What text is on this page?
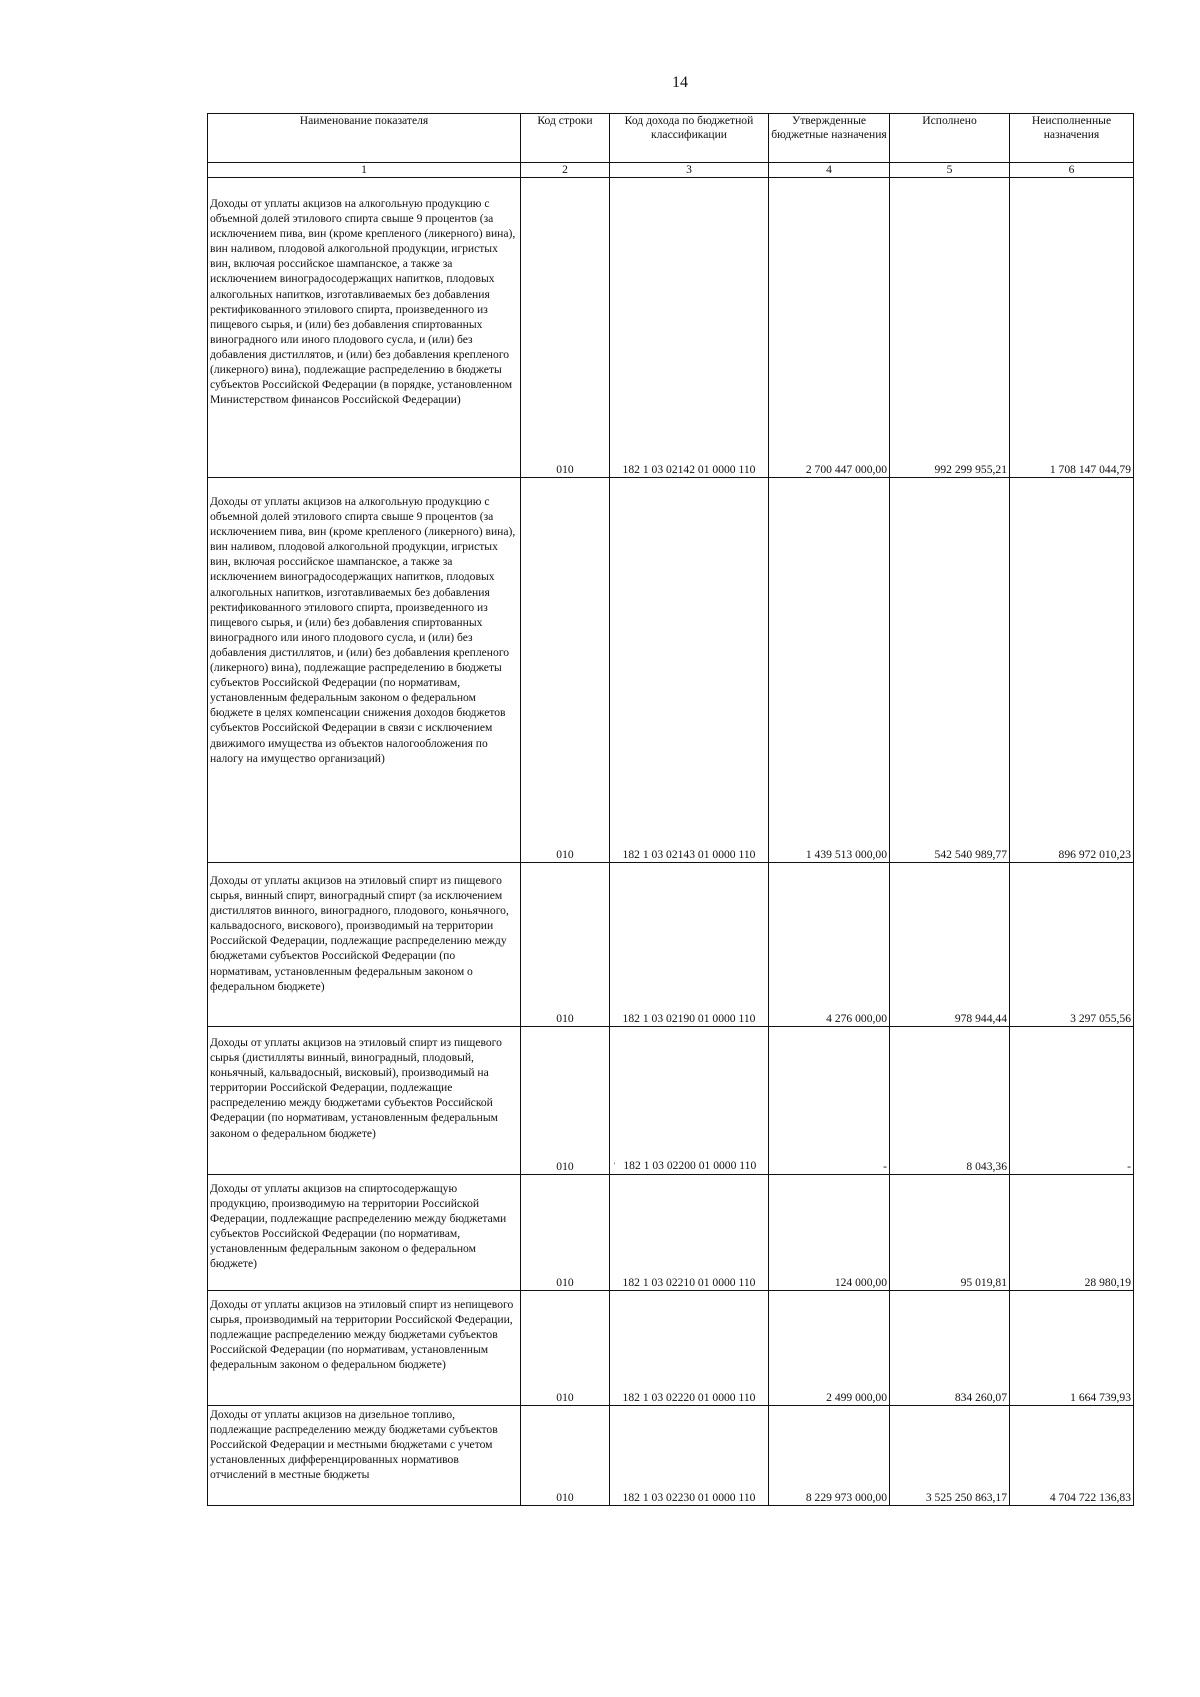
14
Наименование показателя	Код строки	Код дохода по бюджетной классификации	Утвержденные бюджетные назначения	Исполнено	Неисполненные назначения
1	2	3	4	5	6
Доходы от уплаты акцизов на алкогольную продукцию с объемной долей этилового спирта свыше 9 процентов (за исключением пива, вин (кроме крепленого (ликерного) вина), вин наливом, плодовой алкогольной продукции, игристых вин, включая российское шампанское, а также за исключением виноградосодержащих напитков, плодовых алкогольных напитков, изготавливаемых без добавления ректификованного этилового спирта, произведенного из пищевого сырья, и (или) без добавления спиртованных виноградного или иного плодового сусла, и (или) без добавления дистиллятов, и (или) без добавления крепленого (ликерного) вина), подлежащие распределению в бюджеты субъектов Российской Федерации (в порядке, установленном Министерством финансов Российской Федерации)	010	182 1 03 02142 01 0000 110	2 700 447 000,00	992 299 955,21	1 708 147 044,79
Доходы от уплаты акцизов на алкогольную продукцию с объемной долей этилового спирта свыше 9 процентов (за исключением пива, вин (кроме крепленого (ликерного) вина), вин наливом, плодовой алкогольной продукции, игристых вин, включая российское шампанское, а также за исключением виноградосодержащих напитков, плодовых алкогольных напитков, изготавливаемых без добавления ректификованного этилового спирта, произведенного из пищевого сырья, и (или) без добавления спиртованных виноградного или иного плодового сусла, и (или) без добавления дистиллятов, и (или) без добавления крепленого (ликерного) вина), подлежащие распределению в бюджеты субъектов Российской Федерации (по нормативам, установленным федеральным законом о федеральном бюджете в целях компенсации снижения доходов бюджетов субъектов Российской Федерации в связи с исключением движимого имущества из объектов налогообложения по налогу на имущество организаций)	010	182 1 03 02143 01 0000 110	1 439 513 000,00	542 540 989,77	896 972 010,23
Доходы от уплаты акцизов на этиловый спирт из пищевого сырья, винный спирт, виноградный спирт (за исключением дистиллятов винного, виноградного, плодового, коньячного, кальвадосного, вискового), производимый на территории Российской Федерации, подлежащие распределению между бюджетами субъектов Российской Федерации (по нормативам, установленным федеральным законом о федеральном бюджете)	010	182 1 03 02190 01 0000 110	4 276 000,00	978 944,44	3 297 055,56
Доходы от уплаты акцизов на этиловый спирт из пищевого сырья (дистилляты винный, виноградный, плодовый, коньячный, кальвадосный, висковый), производимый на территории Российской Федерации, подлежащие распределению между бюджетами субъектов Российской Федерации (по нормативам, установленным федеральным законом о федеральном бюджете)	010	' 182 1 03 02200 01 0000 110	-	8 043,36	-
Доходы от уплаты акцизов на спиртосодержащую продукцию, производимую на территории Российской Федерации, подлежащие распределению между бюджетами субъектов Российской Федерации (по нормативам, установленным федеральным законом о федеральном бюджете)	010	182 1 03 02210 01 0000 110	124 000,00	95 019,81	28 980,19
Доходы от уплаты акцизов на этиловый спирт из непищевого сырья, производимый на территории Российской Федерации, подлежащие распределению между бюджетами субъектов Российской Федерации (по нормативам, установленным федеральным законом о федеральном бюджете)	010	182 1 03 02220 01 0000 110	2 499 000,00	834 260,07	1 664 739,93
Доходы от уплаты акцизов на дизельное топливо, подлежащие распределению между бюджетами субъектов Российской Федерации и местными бюджетами с учетом установленных дифференцированных нормативов отчислений в местные бюджеты	010	182 1 03 02230 01 0000 110	8 229 973 000,00	3 525 250 863,17	4 704 722 136,83
